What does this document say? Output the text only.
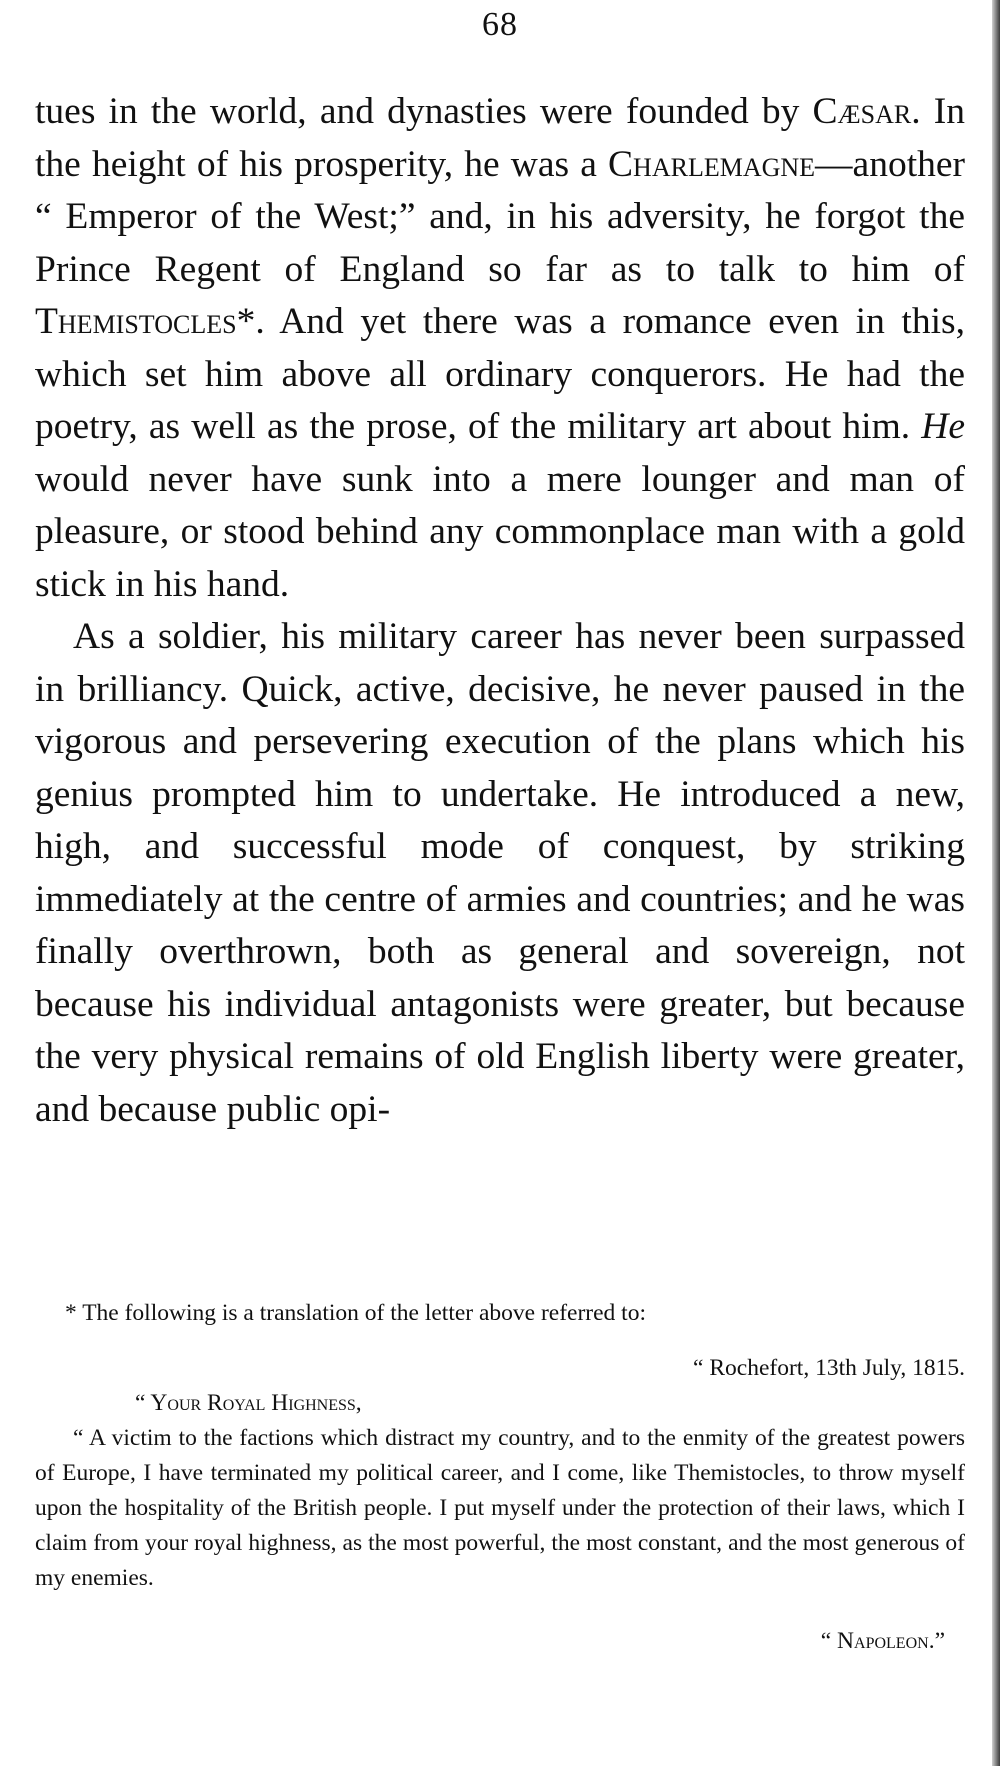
68

tues in the world, and dynasties were founded by Cæsar. In the height of his prosperity, he was a Charlemagne—another “ Emperor of the West;” and, in his adversity, he forgot the Prince Regent of England so far as to talk to him of Themistocles*. And yet there was a romance even in this, which set him above all ordinary conquerors. He had the poetry, as well as the prose, of the military art about him. He would never have sunk into a mere lounger and man of pleasure, or stood behind any commonplace man with a gold stick in his hand.

As a soldier, his military career has never been surpassed in brilliancy. Quick, active, decisive, he never paused in the vigorous and persevering execution of the plans which his genius prompted him to undertake. He introduced a new, high, and successful mode of conquest, by striking immediately at the centre of armies and countries; and he was finally overthrown, both as general and sovereign, not because his individual antagonists were greater, but because the very physical remains of old English liberty were greater, and because public opi-

* The following is a translation of the letter above referred to:

“ Rochefort, 13th July, 1815.

“ Your Royal Highness,

“ A victim to the factions which distract my country, and to the enmity of the greatest powers of Europe, I have terminated my political career, and I come, like Themistocles, to throw myself upon the hospitality of the British people. I put myself under the protection of their laws, which I claim from your royal highness, as the most powerful, the most constant, and the most generous of my enemies.

“ Napoleon.”
